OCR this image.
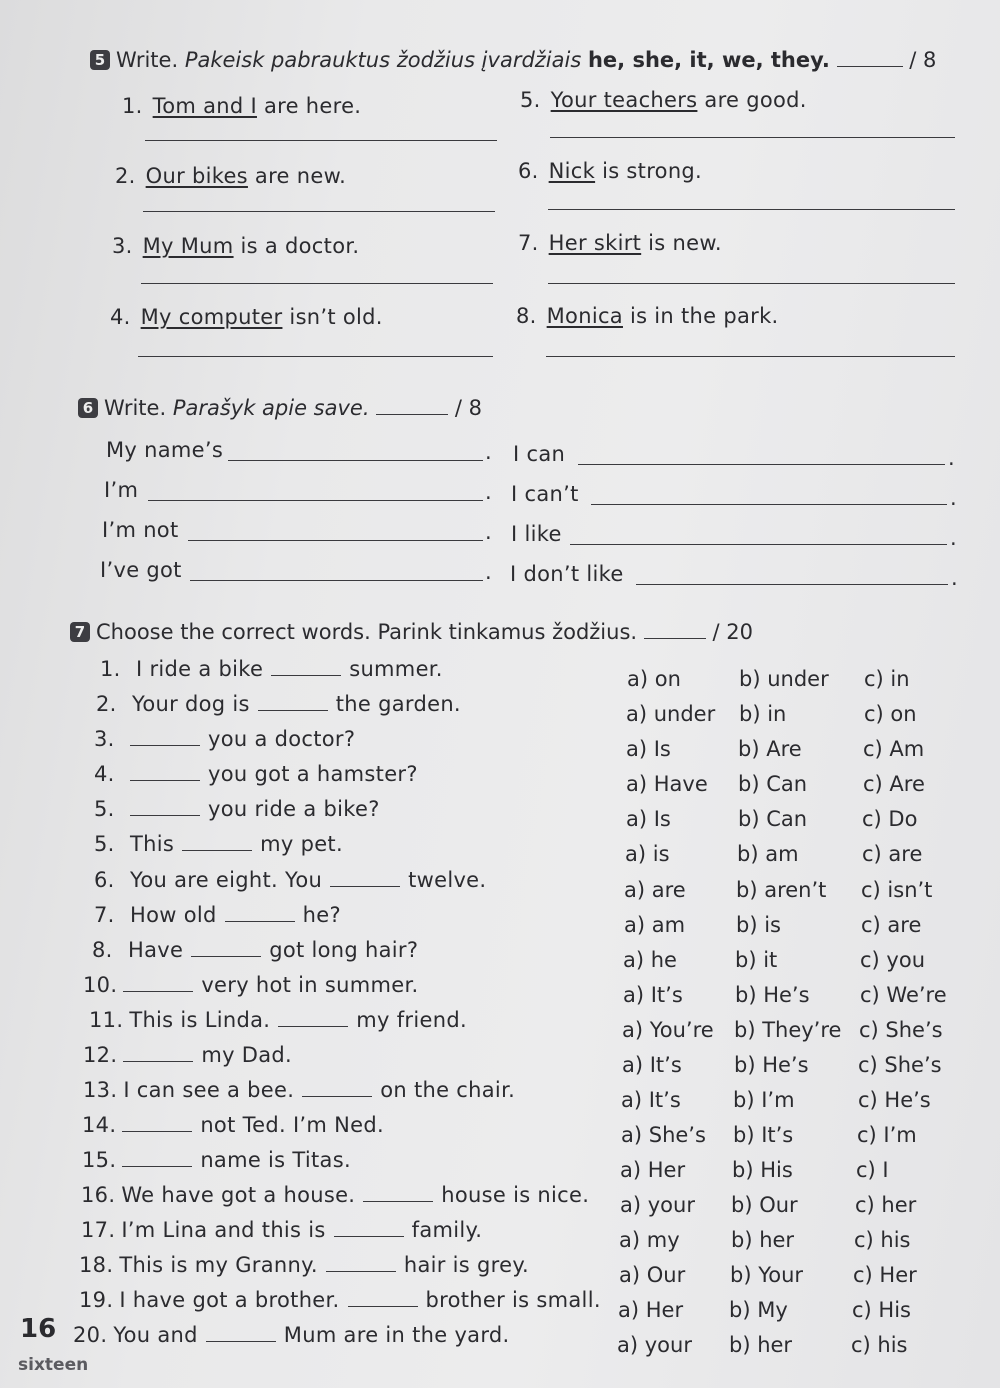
5 Write. Pakeisk pabrauktus žodžius įvardžiais he, she, it, we, they.	/ 8
1. Tom and I are here.
2. Our bikes are new.
3. My Mum is a doctor.
4. My computer isn’t old.
5. Your teachers are good.
6. Nick is strong.
7. Her skirt is new.
8. Monica is in the park.
6 Write. Parašyk apie save.	/ 8
My name’s	.
I’m	.
I’m not	.
I’ve got	.
I can	.
I can’t	.
I like	.
I don’t like	.
7 Choose the correct words. Parink tinkamus žodžius.	/ 20
1. I ride a bike	summer.	a) on	b) under c) in
2. Your dog is	the garden.	a) under b) in	c) on
3.	you a doctor?	a) Is	b) Are	c) Am
4.	you got a hamster?	a) Have b) Can	c) Are
5.	you ride a bike?	a) Is	b) Can	c) Do
5. This	my pet.	a) is	b) am	c) are
6. You are eight. You	twelve.	a) are b) aren’t c) isn’t
7. How old	he?	a) am b) is	c) are
8. Have	got long hair?	a) he	b) it	c) you
10.	very hot in summer.	a) It’s b) He’s c) We’re
11. This is Linda.	my friend.	a) You’re b) They’re c) She’s
12.	my Dad.	a) It’s b) He’s c) She’s
13. I can see a bee.	on the chair.	a) It’s b) I’m	c) He’s
14.	not Ted. I’m Ned.	a) She’s b) It’s	c) I’m
15.	name is Titas.	a) Her b) His	c) I
16. We have got a house.	house is nice. a) your b) Our	c) her
17. I’m Lina and this is	family.	a) my b) her	c) his
18. This is my Granny.	hair is grey.	a) Our b) Your c) Her
19. I have got a brother.	brother is small. a) Her b) My	c) His
20. You and	Mum are in the yard.	a) your b) her	c) his
16
sixteen
